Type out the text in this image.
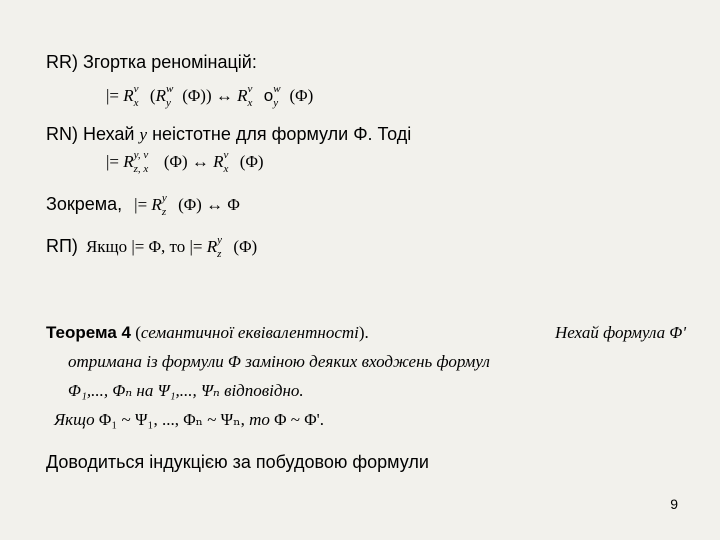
RR) Згортка реномінацій:
|= R v
x (R w
y (Φ)) ↔ R v
x o w
y (Φ)
RN) Нехай y неістотне для формули Φ. Тоді
|= R y, v
z, x (Φ) ↔ R v
x (Φ)
Зокрема, |= R y
z (Φ) ↔ Φ
RП) Якщо |= Φ, то |= R y
z (Φ)
Теорема 4 (семантичної еквівалентності).	Нехай формула Φ'
отримана із формули Φ заміною деяких входжень формул
Φ₁,..., Φₙ на Ψ₁,..., Ψₙ відповідно.
Якщо Φ₁ ~ Ψ₁, ..., Φₙ ~ Ψₙ, то Φ ~ Φ'.
Доводиться індукцією за побудовою формули
9
